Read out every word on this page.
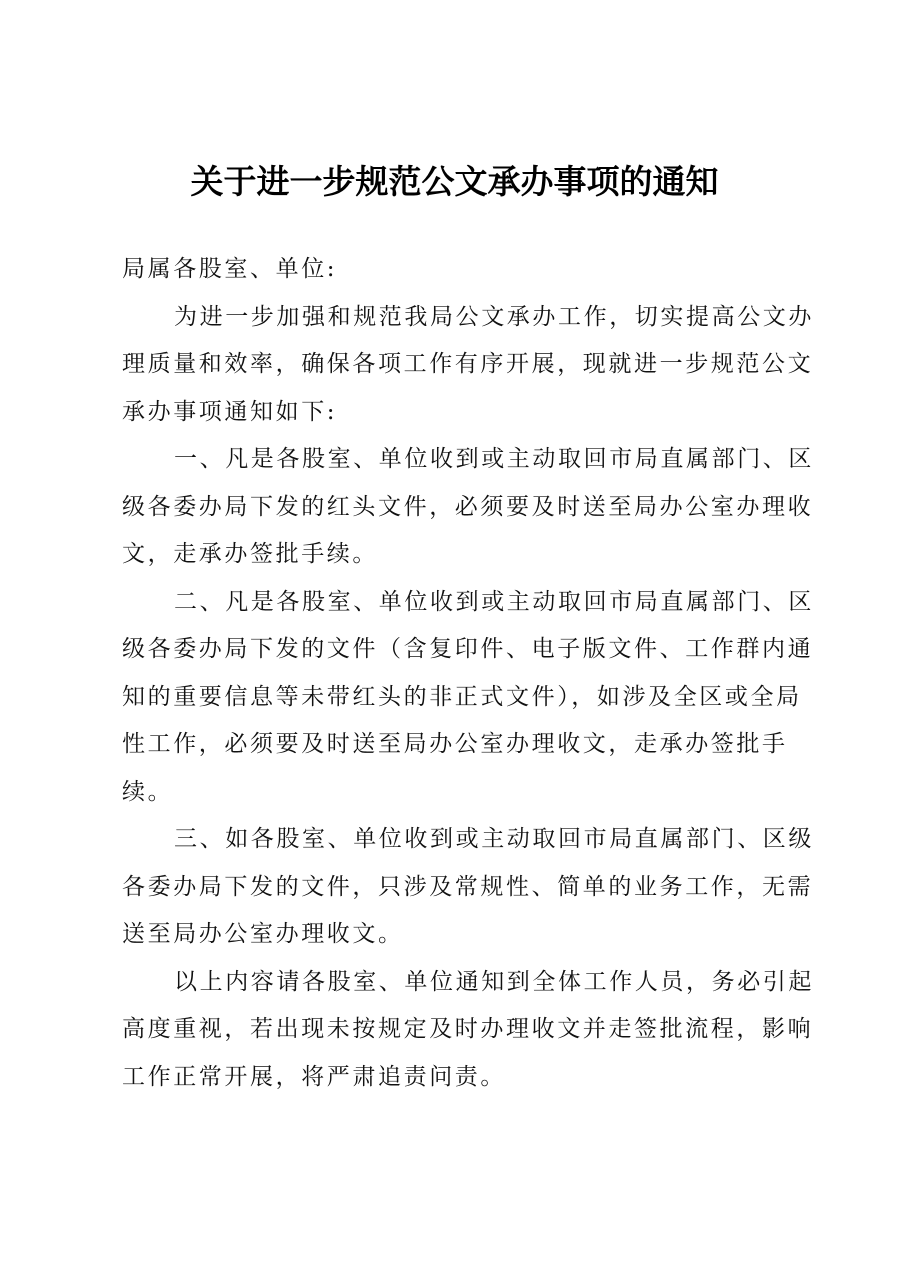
关于进一步规范公文承办事项的通知

局属各股室、单位:

为进一步加强和规范我局公文承办工作，切实提高公文办

理质量和效率，确保各项工作有序开展，现就进一步规范公文

承办事项通知如下:

一、凡是各股室、单位收到或主动取回市局直属部门、区

级各委办局下发的红头文件，必须要及时送至局办公室办理收

文，走承办签批手续。

二、凡是各股室、单位收到或主动取回市局直属部门、区

级各委办局下发的文件（含复印件、电子版文件、工作群内通

知的重要信息等未带红头的非正式文件），如涉及全区或全局

性工作，必须要及时送至局办公室办理收文，走承办签批手

续。

三、如各股室、单位收到或主动取回市局直属部门、区级

各委办局下发的文件，只涉及常规性、简单的业务工作，无需

送至局办公室办理收文。

以上内容请各股室、单位通知到全体工作人员，务必引起

高度重视，若出现未按规定及时办理收文并走签批流程，影响

工作正常开展，将严肃追责问责。
